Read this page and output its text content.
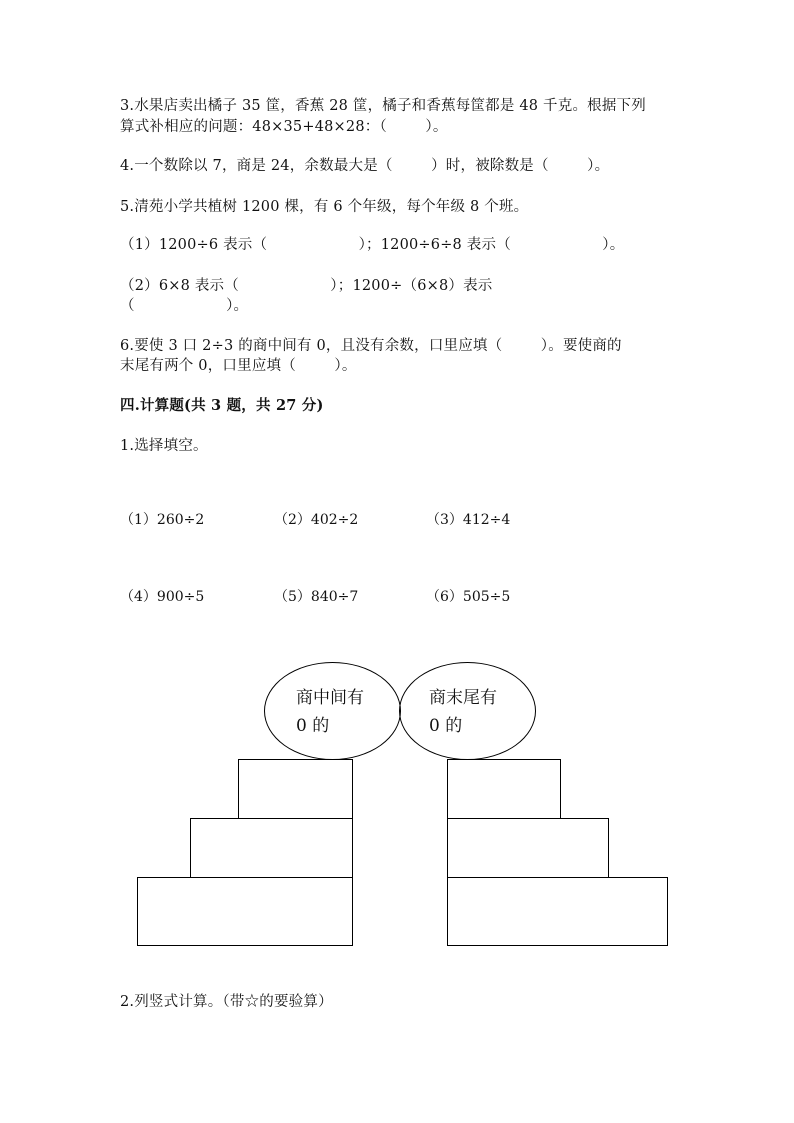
3.水果店卖出橘子 35 筐，香蕉 28 筐，橘子和香蕉每筐都是 48 千克。根据下列
算式补相应的问题：48×35+48×28：（        ）。
4.一个数除以 7，商是 24，余数最大是（        ）时，被除数是（        ）。
5.清苑小学共植树 1200 棵，有 6 个年级，每个年级 8 个班。
（1）1200÷6 表示（                   ）；1200÷6÷8 表示（                   ）。
（2）6×8 表示（                   ）；1200÷（6×8）表示
（                   ）。
6.要使 3 口 2÷3 的商中间有 0，且没有余数，口里应填（        ）。要使商的
末尾有两个 0，口里应填（        ）。
四.计算题(共 3 题，共 27 分)
1.选择填空。
（1）260÷2	（2）402÷2	（3）412÷4
（4）900÷5	（5）840÷7	（6）505÷5
商中间有
0 的
商末尾有
0 的
2.列竖式计算。（带☆的要验算）
